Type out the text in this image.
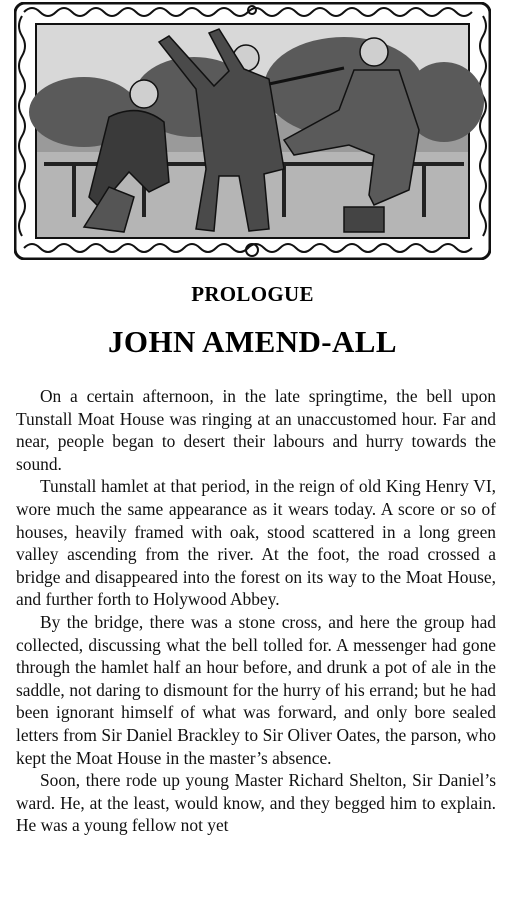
PROLOGUE
JOHN AMEND-ALL

On a certain afternoon, in the late springtime, the bell upon Tunstall Moat House was ringing at an unaccustomed hour. Far and near, people began to desert their labours and hurry towards the sound.

Tunstall hamlet at that period, in the reign of old King Henry VI, wore much the same appearance as it wears today. A score or so of houses, heavily framed with oak, stood scattered in a long green valley ascending from the river. At the foot, the road crossed a bridge and disappeared into the forest on its way to the Moat House, and further forth to Holywood Abbey.

By the bridge, there was a stone cross, and here the group had collected, discussing what the bell tolled for. A messenger had gone through the hamlet half an hour before, and drunk a pot of ale in the saddle, not daring to dismount for the hurry of his errand; but he had been ignorant himself of what was forward, and only bore sealed letters from Sir Daniel Brackley to Sir Oliver Oates, the parson, who kept the Moat House in the master’s absence.

Soon, there rode up young Master Richard Shelton, Sir Daniel’s ward. He, at the least, would know, and they begged him to explain. He was a young fellow not yet
